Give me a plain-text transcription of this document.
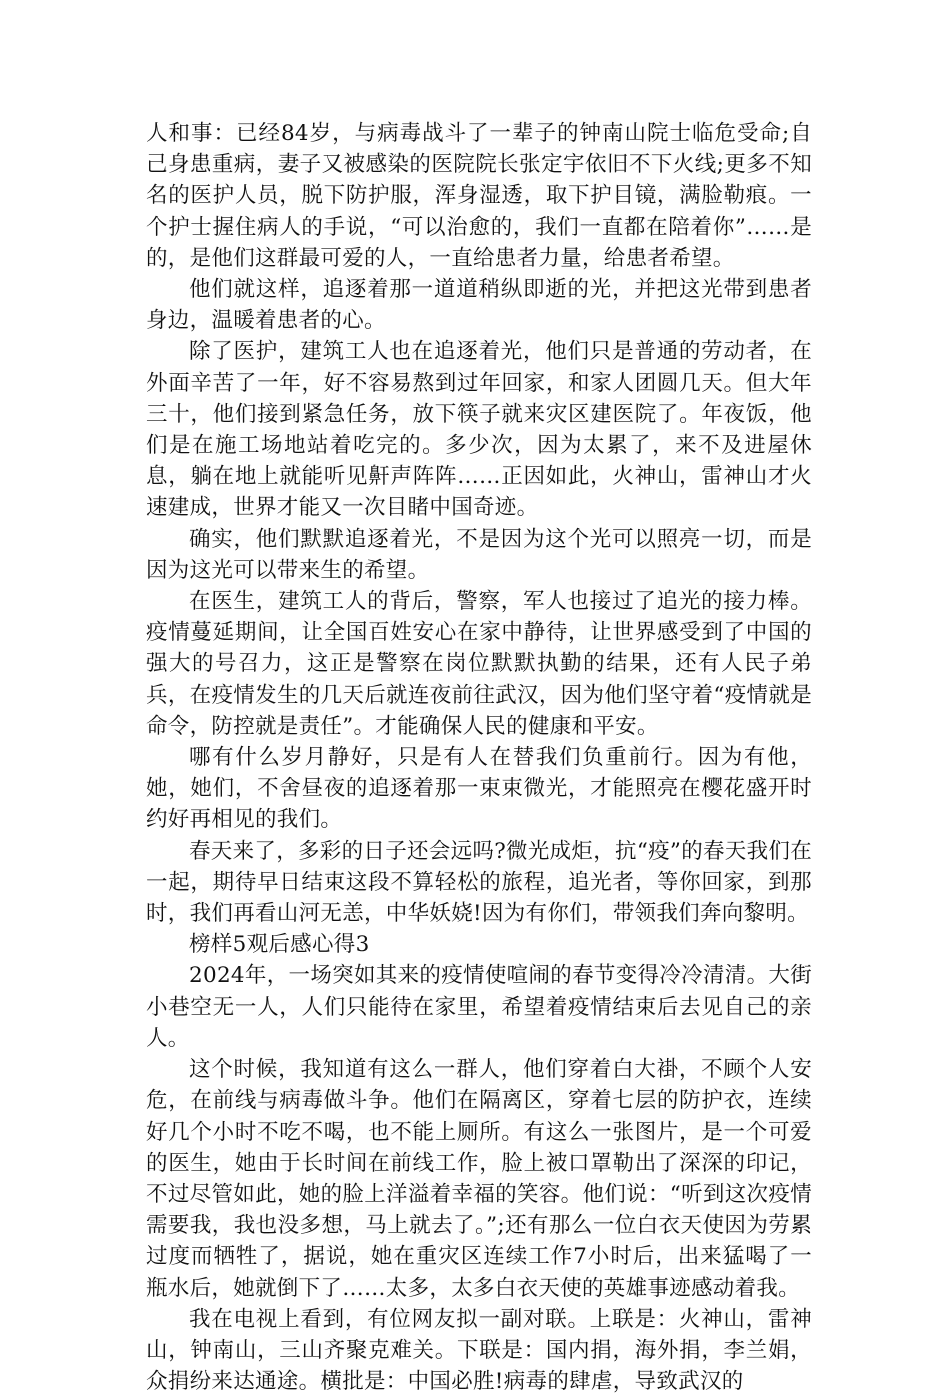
人和事：已经84岁，与病毒战斗了一辈子的钟南山院士临危受命;自己身患重病，妻子又被感染的医院院长张定宇依旧不下火线;更多不知名的医护人员，脱下防护服，浑身湿透，取下护目镜，满脸勒痕。一个护士握住病人的手说，“可以治愈的，我们一直都在陪着你”……是的，是他们这群最可爱的人，一直给患者力量，给患者希望。

他们就这样，追逐着那一道道稍纵即逝的光，并把这光带到患者身边，温暖着患者的心。

除了医护，建筑工人也在追逐着光，他们只是普通的劳动者，在外面辛苦了一年，好不容易熬到过年回家，和家人团圆几天。但大年三十，他们接到紧急任务，放下筷子就来灾区建医院了。年夜饭，他们是在施工场地站着吃完的。多少次，因为太累了，来不及进屋休息，躺在地上就能听见鼾声阵阵……正因如此，火神山，雷神山才火速建成，世界才能又一次目睹中国奇迹。

确实，他们默默追逐着光，不是因为这个光可以照亮一切，而是因为这光可以带来生的希望。

在医生，建筑工人的背后，警察，军人也接过了追光的接力棒。疫情蔓延期间，让全国百姓安心在家中静待，让世界感受到了中国的强大的号召力，这正是警察在岗位默默执勤的结果，还有人民子弟兵，在疫情发生的几天后就连夜前往武汉，因为他们坚守着“疫情就是命令，防控就是责任”。才能确保人民的健康和平安。

哪有什么岁月静好，只是有人在替我们负重前行。因为有他，她，她们，不舍昼夜的追逐着那一束束微光，才能照亮在樱花盛开时约好再相见的我们。

春天来了，多彩的日子还会远吗?微光成炬，抗“疫”的春天我们在一起，期待早日结束这段不算轻松的旅程，追光者，等你回家，到那时，我们再看山河无恙，中华妖娆!因为有你们，带领我们奔向黎明。

榜样5观后感心得3

2024年，一场突如其来的疫情使喧闹的春节变得冷冷清清。大街小巷空无一人，人们只能待在家里，希望着疫情结束后去见自己的亲人。

这个时候，我知道有这么一群人，他们穿着白大褂，不顾个人安危，在前线与病毒做斗争。他们在隔离区，穿着七层的防护衣，连续好几个小时不吃不喝，也不能上厕所。有这么一张图片，是一个可爱的医生，她由于长时间在前线工作，脸上被口罩勒出了深深的印记，不过尽管如此，她的脸上洋溢着幸福的笑容。他们说：“听到这次疫情需要我，我也没多想，马上就去了。”;还有那么一位白衣天使因为劳累过度而牺牲了，据说，她在重灾区连续工作7小时后，出来猛喝了一瓶水后，她就倒下了……太多，太多白衣天使的英雄事迹感动着我。

我在电视上看到，有位网友拟一副对联。上联是：火神山，雷神山，钟南山，三山齐聚克难关。下联是：国内捐，海外捐，李兰娟，众捐纷来达通途。横批是：中国必胜!病毒的肆虐，导致武汉的
